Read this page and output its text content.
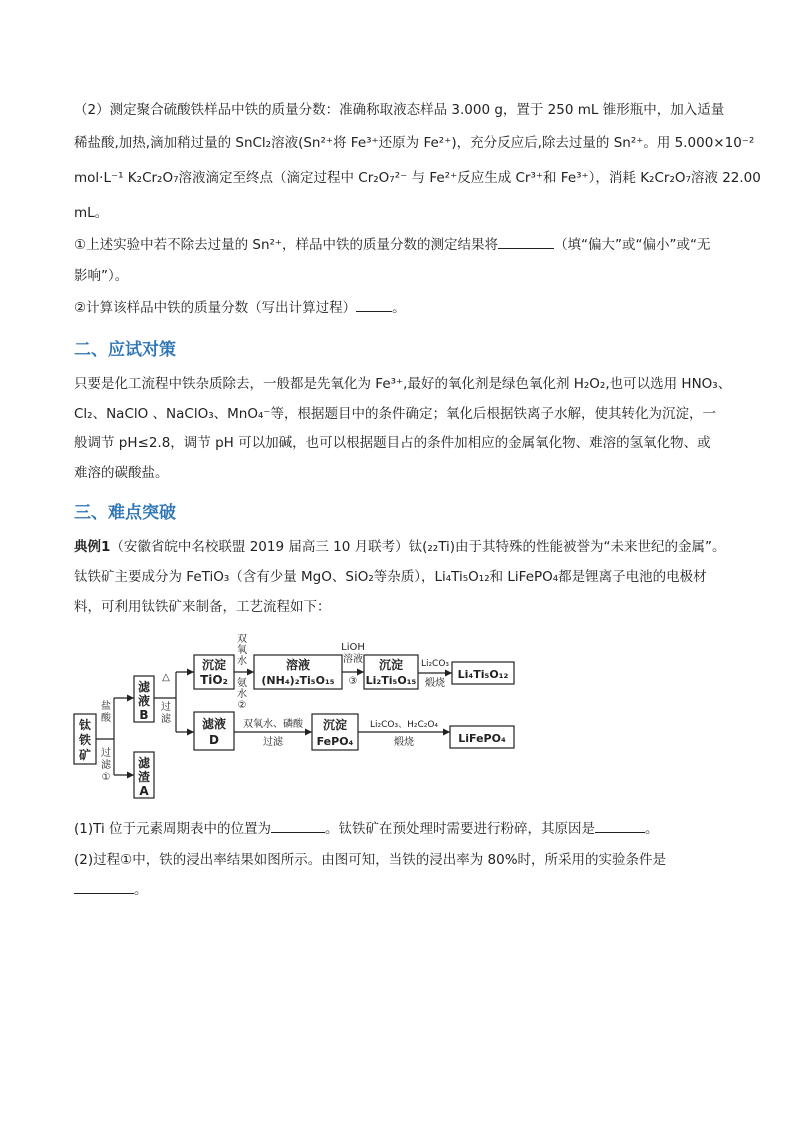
（2）测定聚合硫酸铁样品中铁的质量分数：准确称取液态样品 3.000 g，置于 250 mL 锥形瓶中，加入适量
稀盐酸,加热,滴加稍过量的 SnCl₂溶液(Sn²⁺将 Fe³⁺还原为 Fe²⁺)，充分反应后,除去过量的 Sn²⁺。用 5.000×10⁻²
mol·L⁻¹ K₂Cr₂O₇溶液滴定至终点（滴定过程中 Cr₂O₇²⁻ 与 Fe²⁺反应生成 Cr³⁺和 Fe³⁺），消耗 K₂Cr₂O₇溶液 22.00
mL。
①上述实验中若不除去过量的 Sn²⁺，样品中铁的质量分数的测定结果将	（填“偏大”或“偏小”或“无
影响”）。
②计算该样品中铁的质量分数（写出计算过程）	。
二、应试对策
只要是化工流程中铁杂质除去，一般都是先氧化为 Fe³⁺,最好的氧化剂是绿色氧化剂 H₂O₂,也可以选用 HNO₃、
Cl₂、NaClO 、NaClO₃、MnO₄⁻等，根据题目中的条件确定；氧化后根据铁离子水解，使其转化为沉淀，一
般调节 pH≤2.8，调节 pH 可以加碱，也可以根据题目占的条件加相应的金属氧化物、难溶的氢氧化物、或
难溶的碳酸盐。
三、难点突破
典例1（安徽省皖中名校联盟 2019 届高三 10 月联考）钛(₂₂Ti)由于其特殊的性能被誉为“未来世纪的金属”。
钛铁矿主要成分为 FeTiO₃（含有少量 MgO、SiO₂等杂质），Li₄Ti₅O₁₂和 LiFePO₄都是锂离子电池的电极材
料，可利用钛铁矿来制备，工艺流程如下：
钛
铁
矿
盐
酸
过
滤
①
△
过
滤
双
氧
水
氨
水
②
LiOH
溶液
③
Li₂CO₃
煅烧
双氧水、磷酸
过滤
Li₂CO₃、H₂C₂O₄
煅烧
滤
液
B
滤
渣
A
沉淀
TiO₂
溶液
(NH₄)₂Ti₅O₁₅
沉淀
Li₂Ti₅O₁₅	Li₄Ti₅O₁₂
滤液
D
沉淀
FePO₄	LiFePO₄
(1)Ti 位于元素周期表中的位置为	。钛铁矿在预处理时需要进行粉碎，其原因是	。
(2)过程①中，铁的浸出率结果如图所示。由图可知，当铁的浸出率为 80%时，所采用的实验条件是
。
